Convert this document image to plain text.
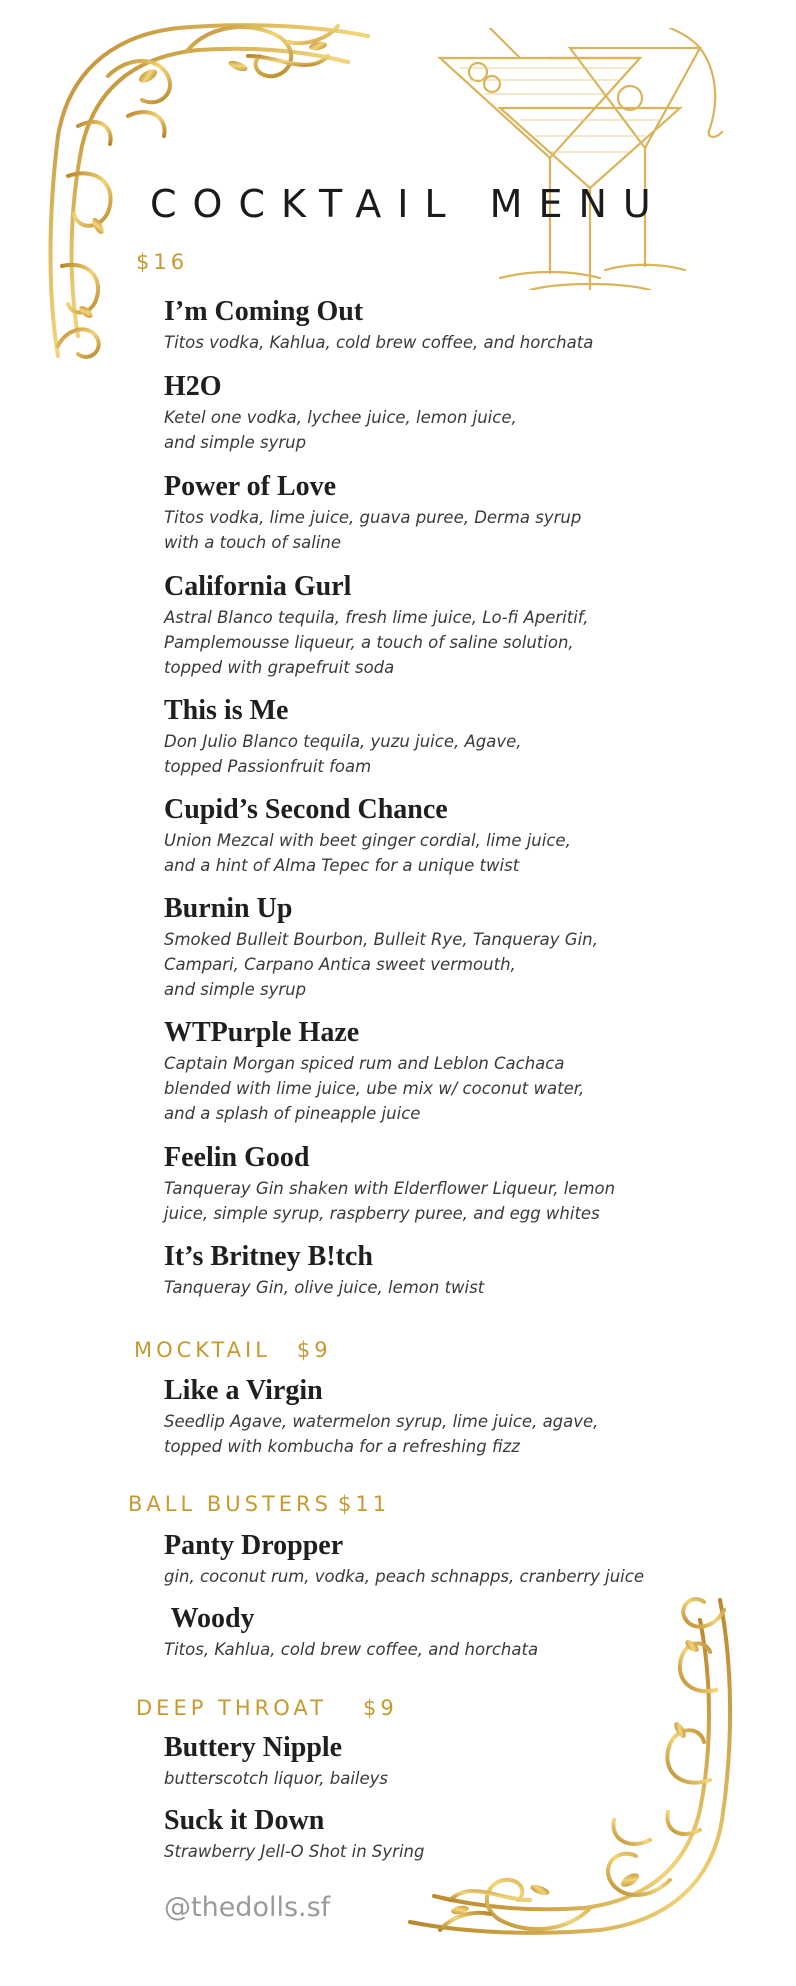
COCKTAIL MENU
$16
I’m Coming Out
Titos vodka, Kahlua, cold brew coffee, and horchata
H2O
Ketel one vodka, lychee juice, lemon juice,
and simple syrup
Power of Love
Titos vodka, lime juice, guava puree, Derma syrup
with a touch of saline
California Gurl
Astral Blanco tequila, fresh lime juice, Lo-fi Aperitif,
Pamplemousse liqueur, a touch of saline solution,
topped with grapefruit soda
This is Me
Don Julio Blanco tequila, yuzu juice, Agave,
topped Passionfruit foam
Cupid’s Second Chance
Union Mezcal with beet ginger cordial, lime juice,
and a hint of Alma Tepec for a unique twist
Burnin Up
Smoked Bulleit Bourbon, Bulleit Rye, Tanqueray Gin,
Campari, Carpano Antica sweet vermouth,
and simple syrup
WTPurple Haze
Captain Morgan spiced rum and Leblon Cachaca
blended with lime juice, ube mix w/ coconut water,
and a splash of pineapple juice
Feelin Good
Tanqueray Gin shaken with Elderflower Liqueur, lemon
juice, simple syrup, raspberry puree, and egg whites
It’s Britney B!tch
Tanqueray Gin, olive juice, lemon twist
MOCKTAIL $9
Like a Virgin
Seedlip Agave, watermelon syrup, lime juice, agave,
topped with kombucha for a refreshing fizz
BALL BUSTERS $11
Panty Dropper
gin, coconut rum, vodka, peach schnapps, cranberry juice
Woody
Titos, Kahlua, cold brew coffee, and horchata
DEEP THROAT $9
Buttery Nipple
butterscotch liquor, baileys
Suck it Down
Strawberry Jell-O Shot in Syring
@thedolls.sf
